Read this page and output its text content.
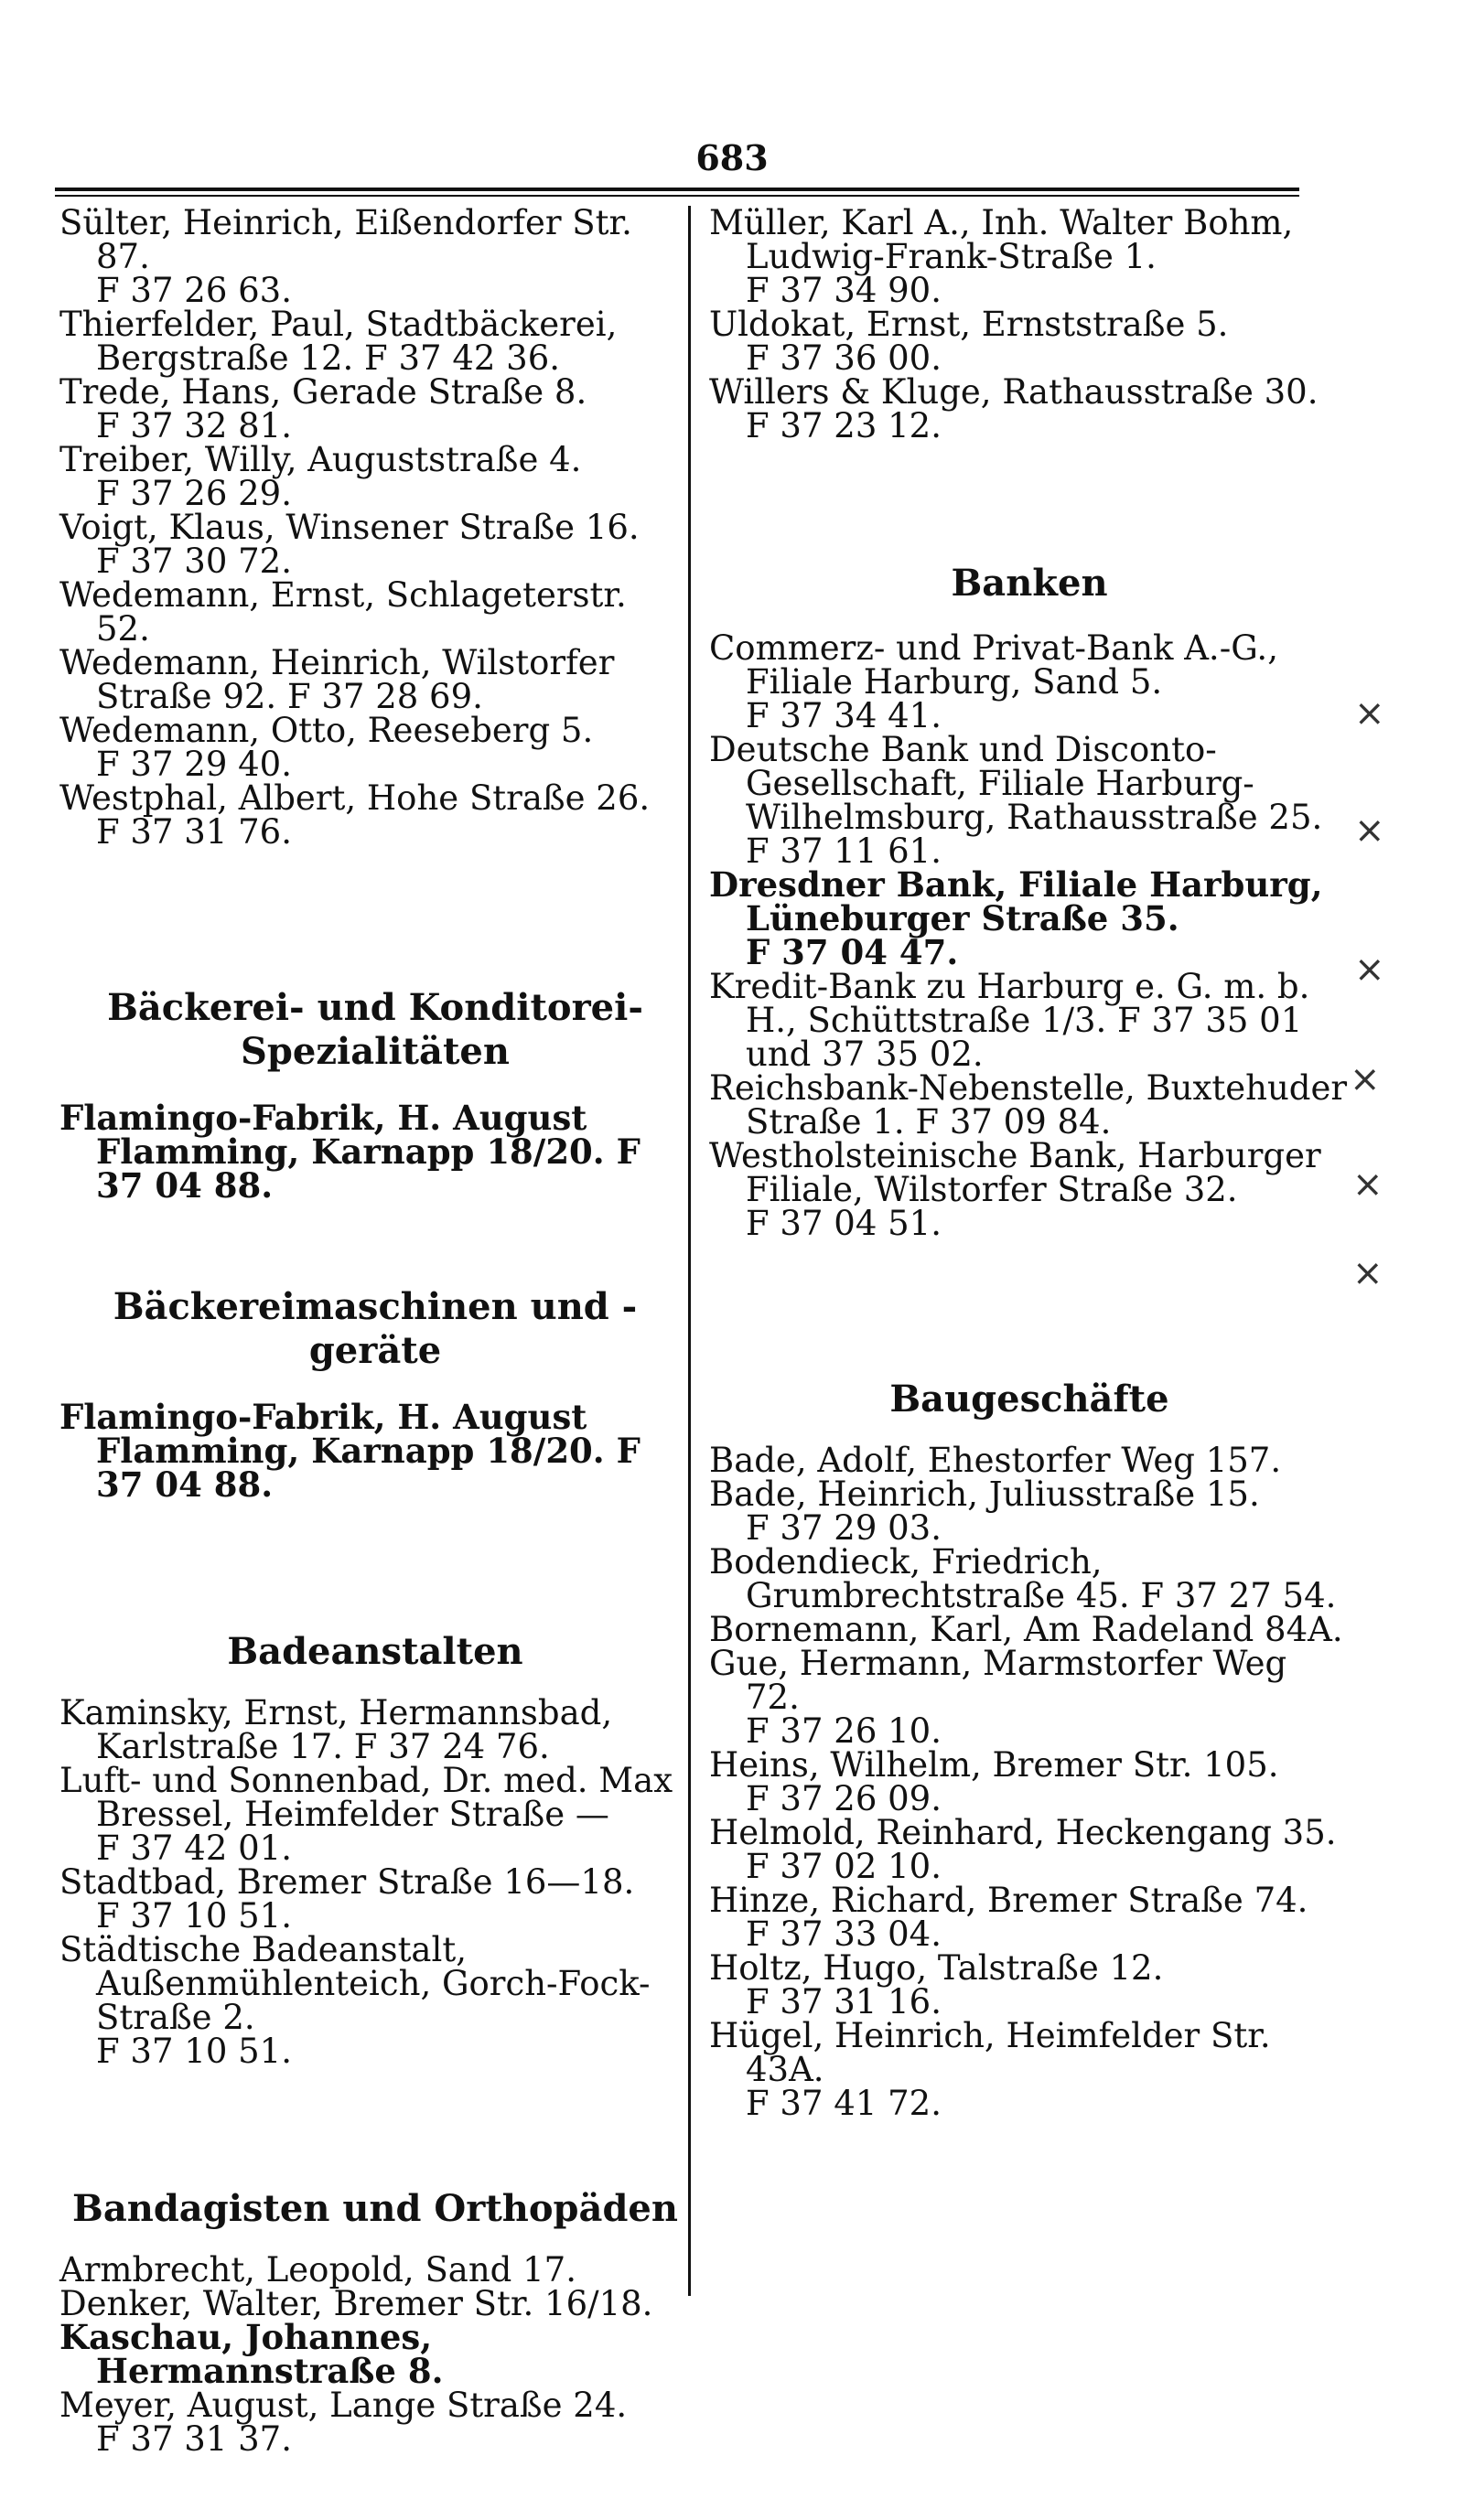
683
Sülter, Heinrich, Eißendorfer Str. 87.
F 37 26 63.
Thierfelder, Paul, Stadtbäckerei, Bergstraße 12. F 37 42 36.
Trede, Hans, Gerade Straße 8.
F 37 32 81.
Treiber, Willy, Auguststraße 4.
F 37 26 29.
Voigt, Klaus, Winsener Straße 16.
F 37 30 72.
Wedemann, Ernst, Schlageterstr. 52.
Wedemann, Heinrich, Wilstorfer Straße 92. F 37 28 69.
Wedemann, Otto, Reeseberg 5.
F 37 29 40.
Westphal, Albert, Hohe Straße 26.
F 37 31 76.
Bäckerei- und Konditorei-
Spezialitäten
Flamingo-Fabrik, H. August Flamming, Karnapp 18/20. F 37 04 88.
Bäckereimaschinen und -geräte
Flamingo-Fabrik, H. August Flamming, Karnapp 18/20. F 37 04 88.
Badeanstalten
Kaminsky, Ernst, Hermannsbad, Karlstraße 17. F 37 24 76.
Luft- und Sonnenbad, Dr. med. Max Bressel, Heimfelder Straße —
F 37 42 01.
Stadtbad, Bremer Straße 16—18.
F 37 10 51.
Städtische Badeanstalt, Außenmühlenteich, Gorch-Fock-Straße 2.
F 37 10 51.
Bandagisten und Orthopäden
Armbrecht, Leopold, Sand 17.
Denker, Walter, Bremer Str. 16/18.
Kaschau, Johannes, Hermannstraße 8.
Meyer, August, Lange Straße 24.
F 37 31 37.
Müller, Karl A., Inh. Walter Bohm, Ludwig-Frank-Straße 1.
F 37 34 90.
Uldokat, Ernst, Ernststraße 5.
F 37 36 00.
Willers & Kluge, Rathausstraße 30.
F 37 23 12.
Banken
Commerz- und Privat-Bank A.-G., Filiale Harburg, Sand 5.
F 37 34 41.
Deutsche Bank und Disconto-Gesellschaft, Filiale Harburg-Wilhelmsburg, Rathausstraße 25.
F 37 11 61.
Dresdner Bank, Filiale Harburg, Lüneburger Straße 35.
F 37 04 47.
Kredit-Bank zu Harburg e. G. m. b. H., Schüttstraße 1/3. F 37 35 01 und 37 35 02.
Reichsbank-Nebenstelle, Buxtehuder Straße 1. F 37 09 84.
Westholsteinische Bank, Harburger Filiale, Wilstorfer Straße 32.
F 37 04 51.
Baugeschäfte
Bade, Adolf, Ehestorfer Weg 157.
Bade, Heinrich, Juliusstraße 15.
F 37 29 03.
Bodendieck, Friedrich, Grumbrechtstraße 45. F 37 27 54.
Bornemann, Karl, Am Radeland 84A.
Gue, Hermann, Marmstorfer Weg 72.
F 37 26 10.
Heins, Wilhelm, Bremer Str. 105.
F 37 26 09.
Helmold, Reinhard, Heckengang 35.
F 37 02 10.
Hinze, Richard, Bremer Straße 74.
F 37 33 04.
Holtz, Hugo, Talstraße 12.
F 37 31 16.
Hügel, Heinrich, Heimfelder Str. 43A.
F 37 41 72.
×
×
×
×
×
×
